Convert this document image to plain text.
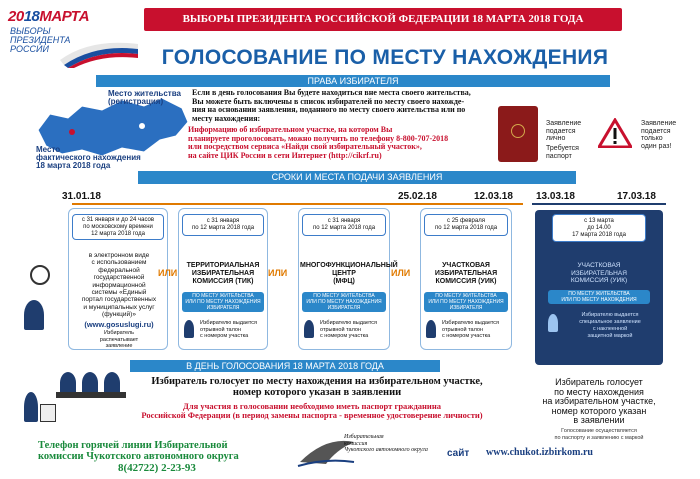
2018МАРТА
ВЫБОРЫ
ПРЕЗИДЕНТА
РОССИИ
ВЫБОРЫ ПРЕЗИДЕНТА РОССИЙСКОЙ ФЕДЕРАЦИИ 18 МАРТА 2018 ГОДА
ГОЛОСОВАНИЕ ПО МЕСТУ НАХОЖДЕНИЯ
ПРАВА ИЗБИРАТЕЛЯ
Место жительства
(регистрация)
Место
фактического нахождения
18 марта 2018 года
Если в день голосования Вы будете находиться вне места своего жительства,
Вы можете быть включены в список избирателей по месту своего нахожде-
ния на основании заявления, поданного по месту своего жительства или по
месту нахождения:
Информацию об избирательном участке, на котором Вы
планируете проголосовать, можно получить по телефону 8-800-707-2018
или посредством сервиса «Найди свой избирательный участок»,
на сайте ЦИК России в сети Интернет (http://cikrf.ru)
Заявление
подается
лично
Требуется
паспорт
Заявление
подается
только
один раз!
СРОКИ И МЕСТА ПОДАЧИ ЗАЯВЛЕНИЯ
31.01.18	25.02.18	12.03.18 13.03.18	17.03.18
с 31 января и до 24 часов
по московскому времени
12 марта 2018 года
в электронном виде
с использованием
федеральной
государственной
информационной
системы «Единый
портал государственных
и муниципальных услуг
(функций)»
(www.gosuslugi.ru)
Избиратель
распечатывает
заявление
ИЛИ
с 31 января
по 12 марта 2018 года
ТЕРРИТОРИАЛЬНАЯ
ИЗБИРАТЕЛЬНАЯ
КОМИССИЯ (ТИК)
ПО МЕСТУ ЖИТЕЛЬСТВА
ИЛИ ПО МЕСТУ НАХОЖДЕНИЯ
ИЗБИРАТЕЛЯ
Избирателю выдается
отрывной талон
с номером участка
ИЛИ
с 31 января
по 12 марта 2018 года
МНОГОФУНКЦИОНАЛЬНЫЙ
ЦЕНТР
(МФЦ)
ПО МЕСТУ ЖИТЕЛЬСТВА
ИЛИ ПО МЕСТУ НАХОЖДЕНИЯ
ИЗБИРАТЕЛЯ
Избирателю выдается
отрывной талон
с номером участка
ИЛИ
с 25 февраля
по 12 марта 2018 года
УЧАСТКОВАЯ
ИЗБИРАТЕЛЬНАЯ
КОМИССИЯ (УИК)
ПО МЕСТУ ЖИТЕЛЬСТВА
ИЛИ ПО МЕСТУ НАХОЖДЕНИЯ
ИЗБИРАТЕЛЯ
Избирателю выдается
отрывной талон
с номером участка
с 13 марта
до 14.00
17 марта 2018 года
УЧАСТКОВАЯ
ИЗБИРАТЕЛЬНАЯ
КОМИССИЯ (УИК)
ПО МЕСТУ ЖИТЕЛЬСТВА
ИЛИ ПО МЕСТУ НАХОЖДЕНИЯ
Избирателю выдается
специальное заявление
с наклеенной
защитной маркой
В ДЕНЬ ГОЛОСОВАНИЯ 18 МАРТА 2018 ГОДА
Избиратель голосует по месту нахождения на избирательном участке,
номер которого указан в заявлении
Для участия в голосовании необходимо иметь паспорт гражданина
Российской Федерации (в период замены паспорта - временное удостоверение личности)
Избиратель голосует
по месту нахождения
на избирательном участке,
номер которого указан
в заявлении
Голосование осуществляется
по паспорту и заявлению с маркой
Телефон горячей линии Избирательной
комиссии Чукотского автономного округа
8(42722) 2-23-93
Избирательная
комиссия
Чукотского автономного округа	сайт www.chukot.izbirkom.ru
